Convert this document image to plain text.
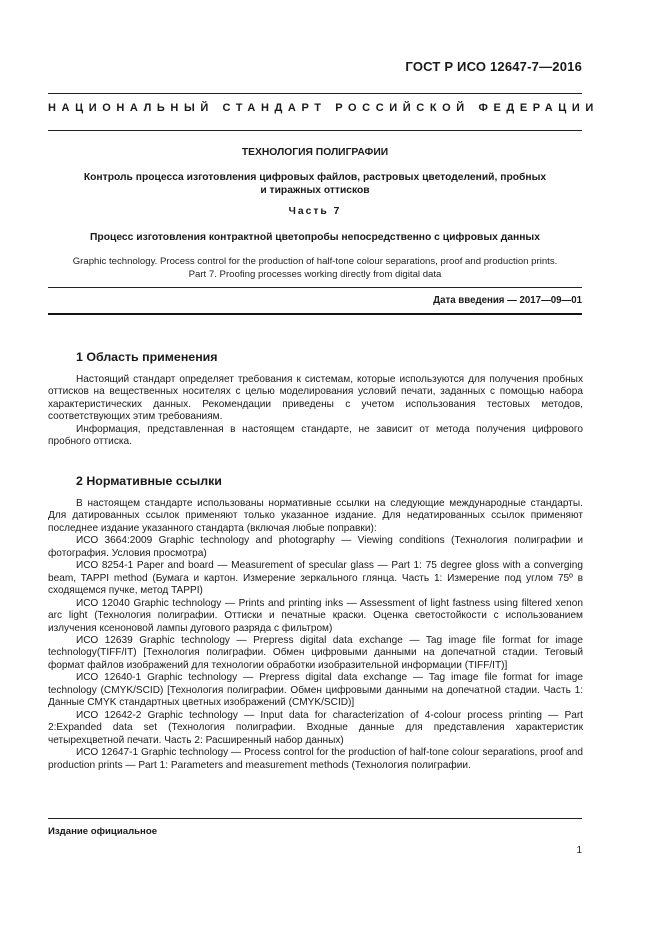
ГОСТ Р ИСО 12647-7—2016
НАЦИОНАЛЬНЫЙ СТАНДАРТ РОССИЙСКОЙ ФЕДЕРАЦИИ
ТЕХНОЛОГИЯ ПОЛИГРАФИИ
Контроль процесса изготовления цифровых файлов, растровых цветоделений, пробных
и тиражных оттисков
Часть 7
Процесс изготовления контрактной цветопробы непосредственно с цифровых данных
Graphic technology. Process control for the production of half-tone colour separations, proof and production prints.
Part 7. Proofing processes working directly from digital data
Дата введения — 2017—09—01
1 Область применения

Настоящий стандарт определяет требования к системам, которые используются для получения пробных оттисков на вещественных носителях с целью моделирования условий печати, заданных с помощью набора характеристических данных. Рекомендации приведены с учетом использования тестовых методов, соответствующих этим требованиям.

Информация, представленная в настоящем стандарте, не зависит от метода получения цифрового пробного оттиска.

2 Нормативные ссылки

В настоящем стандарте использованы нормативные ссылки на следующие международные стандарты. Для датированных ссылок применяют только указанное издание. Для недатированных ссылок применяют последнее издание указанного стандарта (включая любые поправки):

ИСО 3664:2009 Graphic technology and photography — Viewing conditions (Технология полиграфии и фотография. Условия просмотра)

ИСО 8254-1 Paper and board — Measurement of specular glass — Part 1: 75 degree gloss with a converging beam, TAPPI method (Бумага и картон. Измерение зеркального глянца. Часть 1: Измерение под углом 75º в сходящемся пучке, метод TAPPI)

ИСО 12040 Graphic technology — Prints and printing inks — Assessment of light fastness using filtered xenon arc light (Технология полиграфии. Оттиски и печатные краски. Оценка светостойкости с использованием излучения ксеноновой лампы дугового разряда с фильтром)

ИСО 12639 Graphic technology — Prepress digital data exchange — Tag image file format for image technology(TIFF/IT) [Технология полиграфии. Обмен цифровыми данными на допечатной стадии. Теговый формат файлов изображений для технологии обработки изобразительной информации (TIFF/IT)]

ИСО 12640-1 Graphic technology — Prepress digital data exchange — Tag image file format for image technology (CMYK/SCID) [Технология полиграфии. Обмен цифровыми данными на допечатной стадии. Часть 1: Данные CMYK стандартных цветных изображений (CMYK/SCID)]

ИСО 12642-2 Graphic technology — Input data for characterization of 4-colour process printing — Part 2:Expanded data set (Технология полиграфии. Входные данные для представления характеристик четырехцветной печати. Часть 2: Расширенный набор данных)

ИСО 12647-1 Graphic technology — Process control for the production of half-tone colour separations, proof and production prints — Part 1: Parameters and measurement methods (Технология полиграфии.

Издание официальное
1
